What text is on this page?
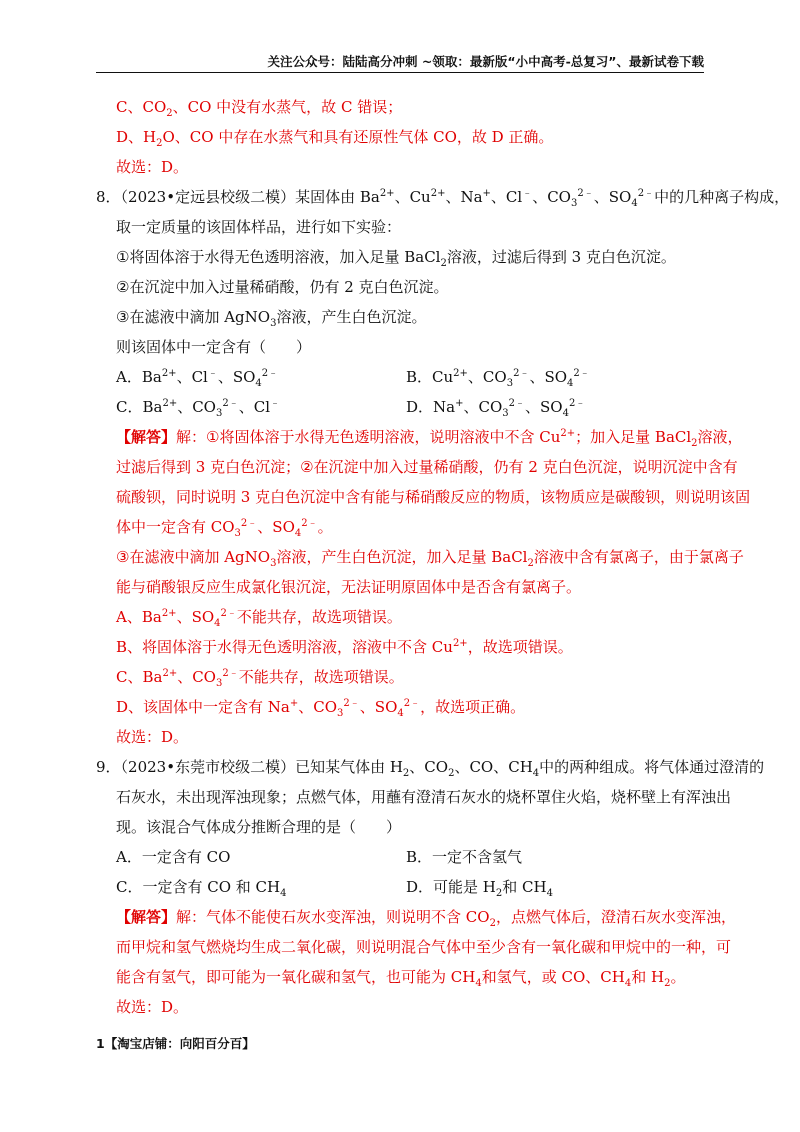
关注公众号：陆陆高分冲刺 ~领取：最新版“小中高考-总复习”、最新试卷下载
C、$CO_2$、CO 中没有水蒸气，故 C 错误；
D、$H_2O$、CO 中存在水蒸气和具有还原性气体 CO，故 D 正确。
故选：D。
8．（2023•定远县校级二模）某固体由 $Ba^{2+}$、$Cu^{2+}$、Na+、Cl﹣、$CO_3^{2﹣}$、$SO_4^{2﹣}$中的几种离子构成，
取一定质量的该固体样品，进行如下实验：
①将固体溶于水得无色透明溶液，加入足量 BaCl$_2$溶液，过滤后得到 3 克白色沉淀。
②在沉淀中加入过量稀硝酸，仍有 2 克白色沉淀。
③在滤液中滴加 AgNO$_3$溶液，产生白色沉淀。
则该固体中一定含有（　　）
A．$Ba^{2+}$、Cl﹣、$SO_4^{2﹣}$	B．$Cu^{2+}$、$CO_3^{2﹣}$、$SO_4^{2﹣}$
C．$Ba^{2+}$、$CO_3^{2﹣}$、Cl﹣	D．Na+、$CO_3^{2﹣}$、$SO_4^{2﹣}$
【解答】解：①将固体溶于水得无色透明溶液，说明溶液中不含 $Cu^{2+}$；加入足量 BaCl$_2$溶液，
过滤后得到 3 克白色沉淀；②在沉淀中加入过量稀硝酸，仍有 2 克白色沉淀，说明沉淀中含有
硫酸钡，同时说明 3 克白色沉淀中含有能与稀硝酸反应的物质，该物质应是碳酸钡，则说明该固
体中一定含有 $CO_3^{2﹣}$、$SO_4^{2﹣}$。
③在滤液中滴加 AgNO$_3$溶液，产生白色沉淀，加入足量 BaCl$_2$溶液中含有氯离子，由于氯离子
能与硝酸银反应生成氯化银沉淀，无法证明原固体中是否含有氯离子。
A、$Ba^{2+}$、$SO_4^{2﹣}$不能共存，故选项错误。
B、将固体溶于水得无色透明溶液，溶液中不含 $Cu^{2+}$，故选项错误。
C、$Ba^{2+}$、$CO_3^{2﹣}$不能共存，故选项错误。
D、该固体中一定含有 Na+、$CO_3^{2﹣}$、$SO_4^{2﹣}$，故选项正确。
故选：D。
9．（2023•东莞市校级二模）已知某气体由 $H_2$、$CO_2$、CO、$CH_4$中的两种组成。将气体通过澄清的
石灰水，未出现浑浊现象；点燃气体，用蘸有澄清石灰水的烧杯罩住火焰，烧杯壁上有浑浊出
现。该混合气体成分推断合理的是（　　）
A．一定含有 CO	B．一定不含氢气
C．一定含有 CO 和 $CH_4$	D．可能是 $H_2$和 $CH_4$
【解答】解：气体不能使石灰水变浑浊，则说明不含 $CO_2$，点燃气体后，澄清石灰水变浑浊，
而甲烷和氢气燃烧均生成二氧化碳，则说明混合气体中至少含有一氧化碳和甲烷中的一种，可
能含有氢气，即可能为一氧化碳和氢气，也可能为 $CH_4$和氢气，或 CO、$CH_4$和 $H_2$。
故选：D。
1【淘宝店铺：向阳百分百】
